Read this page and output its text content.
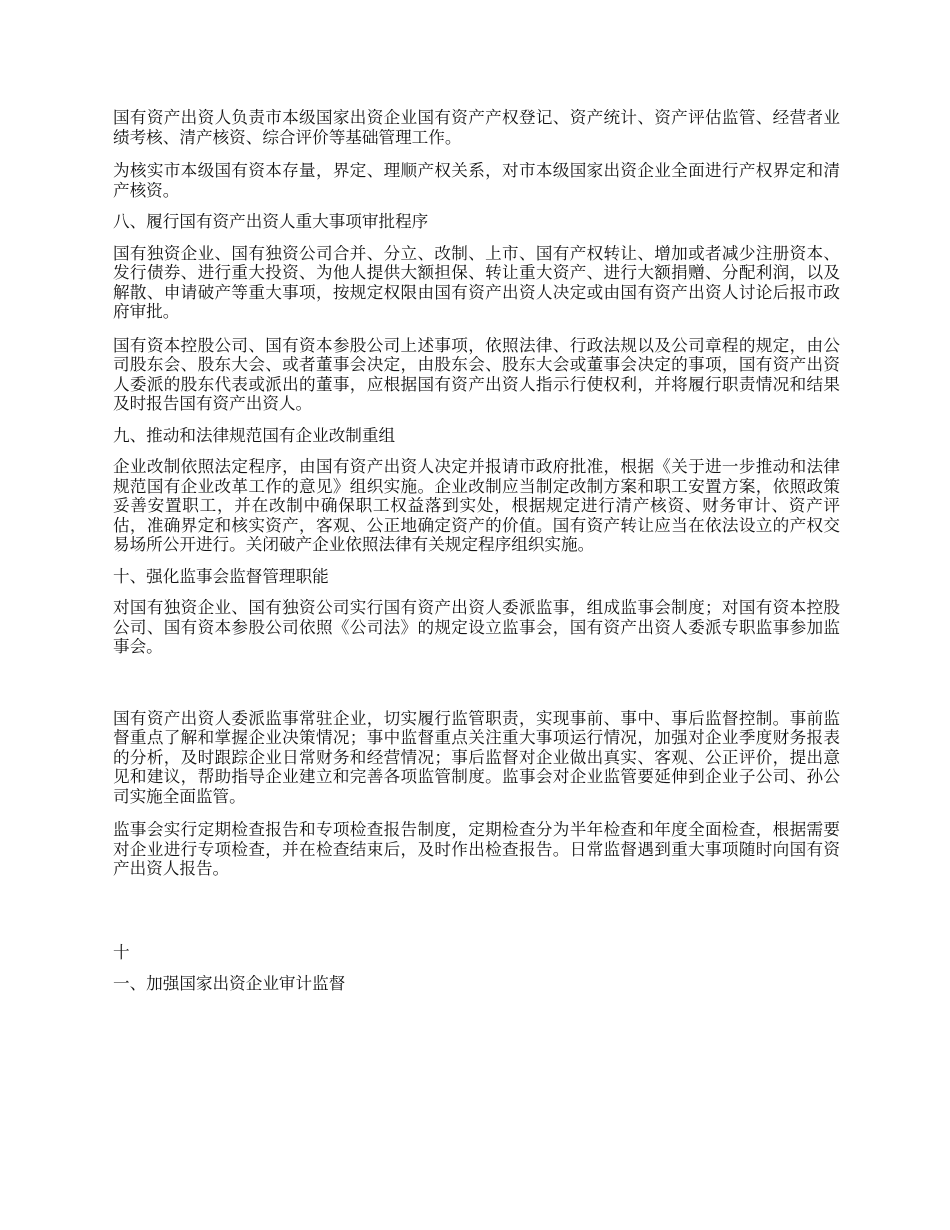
国有资产出资人负责市本级国家出资企业国有资产产权登记、资产统计、资产评估监管、经营者业绩考核、清产核资、综合评价等基础管理工作。

为核实市本级国有资本存量，界定、理顺产权关系，对市本级国家出资企业全面进行产权界定和清产核资。

八、履行国有资产出资人重大事项审批程序

国有独资企业、国有独资公司合并、分立、改制、上市、国有产权转让、增加或者减少注册资本、发行债券、进行重大投资、为他人提供大额担保、转让重大资产、进行大额捐赠、分配利润，以及解散、申请破产等重大事项，按规定权限由国有资产出资人决定或由国有资产出资人讨论后报市政府审批。

国有资本控股公司、国有资本参股公司上述事项，依照法律、行政法规以及公司章程的规定，由公司股东会、股东大会、或者董事会决定，由股东会、股东大会或董事会决定的事项，国有资产出资人委派的股东代表或派出的董事，应根据国有资产出资人指示行使权利，并将履行职责情况和结果及时报告国有资产出资人。

九、推动和法律规范国有企业改制重组

企业改制依照法定程序，由国有资产出资人决定并报请市政府批准，根据《关于进一步推动和法律规范国有企业改革工作的意见》组织实施。企业改制应当制定改制方案和职工安置方案，依照政策妥善安置职工，并在改制中确保职工权益落到实处，根据规定进行清产核资、财务审计、资产评估，准确界定和核实资产，客观、公正地确定资产的价值。国有资产转让应当在依法设立的产权交易场所公开进行。关闭破产企业依照法律有关规定程序组织实施。

十、强化监事会监督管理职能

对国有独资企业、国有独资公司实行国有资产出资人委派监事，组成监事会制度；对国有资本控股公司、国有资本参股公司依照《公司法》的规定设立监事会，国有资产出资人委派专职监事参加监事会。

国有资产出资人委派监事常驻企业，切实履行监管职责，实现事前、事中、事后监督控制。事前监督重点了解和掌握企业决策情况；事中监督重点关注重大事项运行情况，加强对企业季度财务报表的分析，及时跟踪企业日常财务和经营情况；事后监督对企业做出真实、客观、公正评价，提出意见和建议，帮助指导企业建立和完善各项监管制度。监事会对企业监管要延伸到企业子公司、孙公司实施全面监管。

监事会实行定期检查报告和专项检查报告制度，定期检查分为半年检查和年度全面检查，根据需要对企业进行专项检查，并在检查结束后，及时作出检查报告。日常监督遇到重大事项随时向国有资产出资人报告。

十

一、加强国家出资企业审计监督
